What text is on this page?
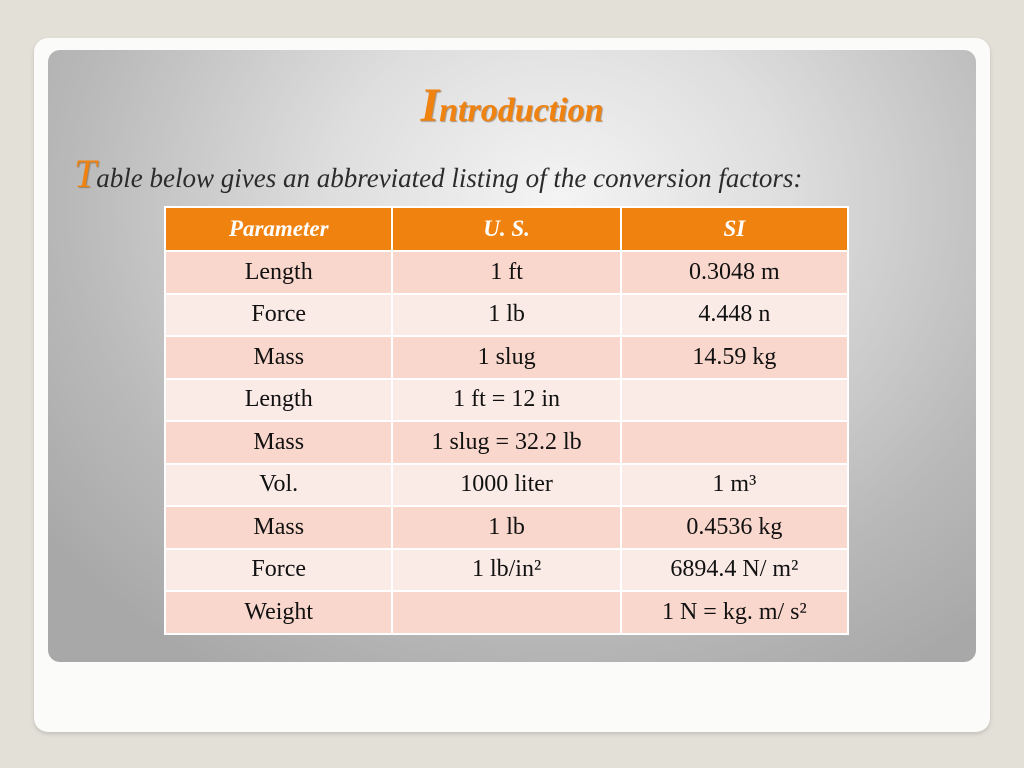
Introduction

Table below gives an abbreviated listing of the conversion factors:

Parameter	U. S.	SI
Length	1 ft	0.3048 m
Force	1 lb	4.448 n
Mass	1 slug	14.59 kg
Length	1 ft = 12 in	
Mass	1 slug = 32.2 lb	
Vol.	1000 liter	1 m³
Mass	1 lb	0.4536 kg
Force	1 lb/in²	6894.4 N/ m²
Weight		1 N = kg. m/ s²
